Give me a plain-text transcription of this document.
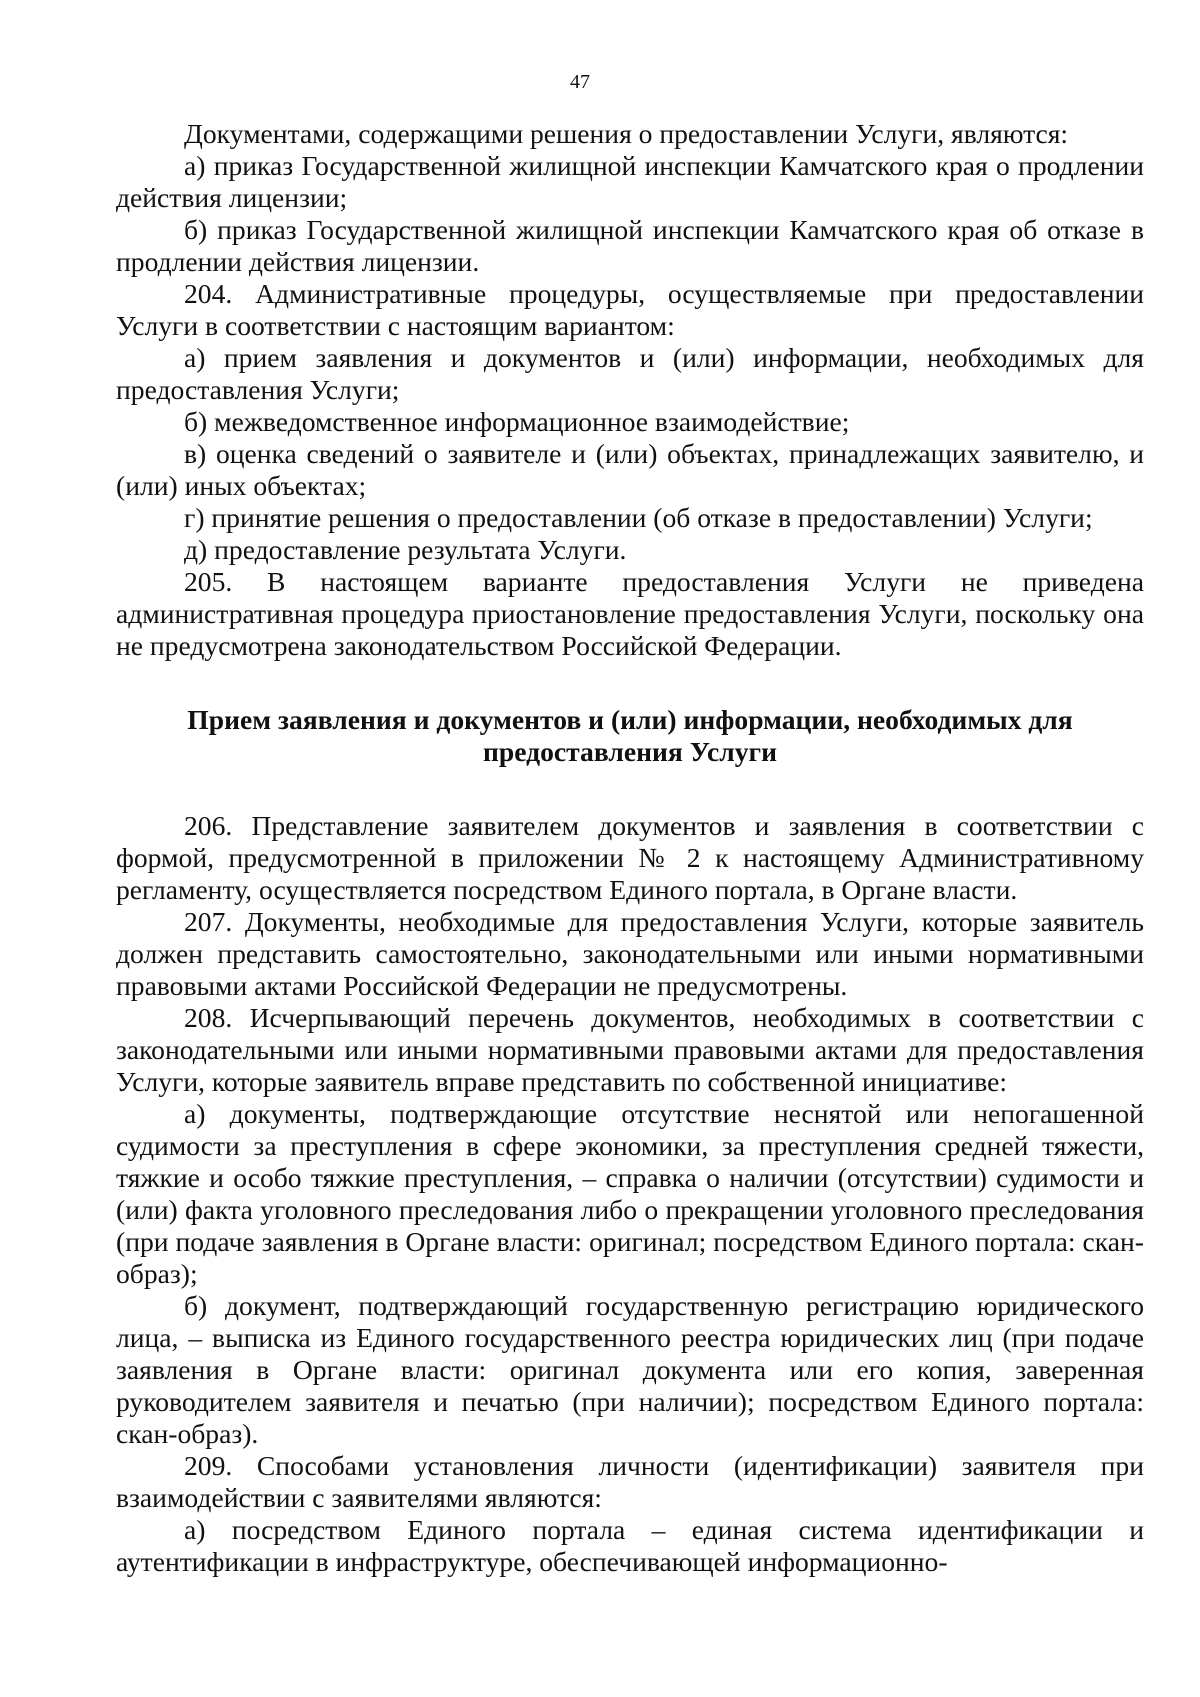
47

Документами, содержащими решения о предоставлении Услуги, являются:

а) приказ Государственной жилищной инспекции Камчатского края о продлении действия лицензии;

б) приказ Государственной жилищной инспекции Камчатского края об отказе в продлении действия лицензии.

204. Административные процедуры, осуществляемые при предоставлении Услуги в соответствии с настоящим вариантом:

а) прием заявления и документов и (или) информации, необходимых для предоставления Услуги;

б) межведомственное информационное взаимодействие;

в) оценка сведений о заявителе и (или) объектах, принадлежащих заявителю, и (или) иных объектах;

г) принятие решения о предоставлении (об отказе в предоставлении) Услуги;

д) предоставление результата Услуги.

205. В настоящем варианте предоставления Услуги не приведена административная процедура приостановление предоставления Услуги, поскольку она не предусмотрена законодательством Российской Федерации.

Прием заявления и документов и (или) информации, необходимых для предоставления Услуги

206. Представление заявителем документов и заявления в соответствии с формой, предусмотренной в приложении № 2 к настоящему Административному регламенту, осуществляется посредством Единого портала, в Органе власти.

207. Документы, необходимые для предоставления Услуги, которые заявитель должен представить самостоятельно, законодательными или иными нормативными правовыми актами Российской Федерации не предусмотрены.

208. Исчерпывающий перечень документов, необходимых в соответствии с законодательными или иными нормативными правовыми актами для предоставления Услуги, которые заявитель вправе представить по собственной инициативе:

а) документы, подтверждающие отсутствие неснятой или непогашенной судимости за преступления в сфере экономики, за преступления средней тяжести, тяжкие и особо тяжкие преступления, – справка о наличии (отсутствии) судимости и (или) факта уголовного преследования либо о прекращении уголовного преследования (при подаче заявления в Органе власти: оригинал; посредством Единого портала: скан-образ);

б) документ, подтверждающий государственную регистрацию юридического лица, – выписка из Единого государственного реестра юридических лиц (при подаче заявления в Органе власти: оригинал документа или его копия, заверенная руководителем заявителя и печатью (при наличии); посредством Единого портала: скан-образ).

209. Способами установления личности (идентификации) заявителя при взаимодействии с заявителями являются:

а) посредством Единого портала – единая система идентификации и аутентификации в инфраструктуре, обеспечивающей информационно-
